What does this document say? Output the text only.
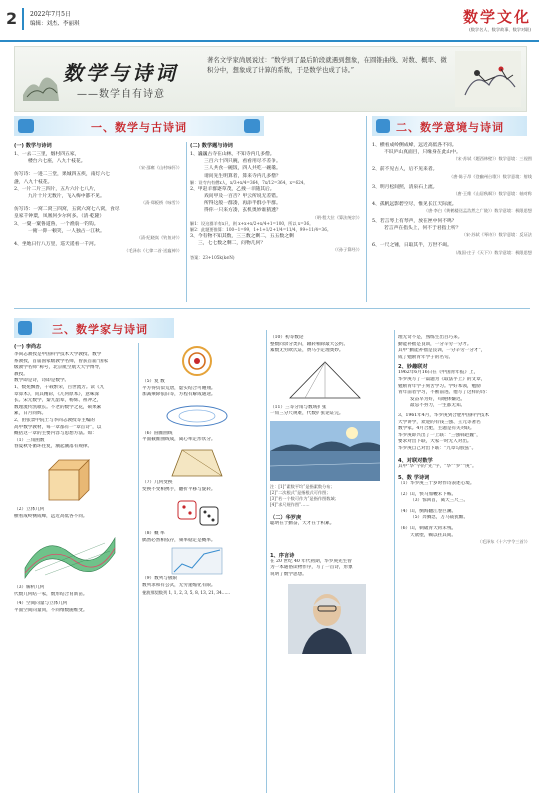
2 2022年7月5日
编辑：刘杰、李丽琪	数学文化
(数学名人、数学故事、数学对联)
数学与诗词
——数学自有诗意
著名文学家尚展说过：“数学到了最后阶段就遇到想象，在圆锥曲线、对数、概率、微积分中，想象成了计算的系数，于是数学也成了诗。”
一、数学与古诗词	二、数学意境与诗词
(一) 数学与诗词
1、一去二三里，烟村四五家，
楼台六七座，八九十枝花。
（宋·邵雍《山村咏怀》）
仿写诗：一进二三堂，果城四五疾，南灯六七
盏，八九十枝花。
2、一片二片三四片，五片六片七八片，
九片十片无数片，飞入梅中都不见。
（清·郑板桥《咏雪》）
仿写诗：一窝二窝三四窝，五窝六窝七八窝，食尽
皇家千钟粟，凤凰何少尔何多。（清·乾隆）
3、一窠一窠鲁道鲁，一个渔翁一钓钩。
一俯一仰一顿笑，一人独占一江秋。
（清·纪晓岚《钓鱼诗》）
4、坐地日行八万里，巡天遥看一千河。
（毛泽东《七律二首·送瘟神》）
(二) 数学题与诗词
1、巍巍古寺在山林，不知寺内几多僧。
三百六十四只碗，看看用尽不差争。
三人共食一碗饭，四人共吃一碗羹。
请问先生明算者，算来寺内几多僧？
解：设寺内有僧x人，x/3+x/4=364，7x/12=364，x=624。
2、甲赶羊群逐草茂，乙拽一羊随其后。
戏问甲及一百否？甲云所说无差错。
所得这般一群凑，再添半群小半群。
得你一只来方凑，玄机奥妙谁猜透？
（明·程大位《算法统宗》）
解1：设这群羊有x只，则 x+x+x/2+x/4+1=100，所以 x=36。
解2：此题要推算：100−1=99，1+1+1/2+1/4=11/4，99÷11/4=36。
3、今有物不知其数，三三数之剩二，五五数之剩
三，七七数之剩二，问物几何？
（《孙子算经》）
答案：23+105k(k∈N)
1、横看成岭侧成峰，远近高低各不同。
不识庐山真面目，只缘身在此山中。
（宋·苏轼《题西林壁》）数学意境：三视图
2、前不见古人，后不见来者。
（唐·陈子昂《登幽州台歌》）数学意境：射线
3、明月松间照，清泉石上流。
（唐·王维《山居秋暝》）数学意境：轴对称
4、孤帆远影碧空尽，惟见长江天际流。
（唐·李白《黄鹤楼送孟浩然之广陵》）数学意境：极限思想
5、若言琴上有琴声，放在匣中何不鸣？
若言声在指头上，何不于君指上听？
（宋·苏轼《琴诗》）数学意境：反证法
6、一尺之锤，日取其半，万世不竭。
（战国·庄子《天下》）数学意境：极限思想
三、数学家与诗词
(一) 李尚志
李尚志教授是中国科学技术大学教授、数学
系教授，首届国家级教学名师，曾获首届“国家
级教学名师”称号，北京航空航天大学博导，
教授。
数学即是诗，诗即是数学。
1、数苑飘香，千载繁荣，百世流芳。读《九
章算术》，问其精彩，《几何原本》，意味深
长。宋元数学，秦九韶辈，杨辉、祖冲之，
数理流传凯歌长。不老的数学之花，硕果累
累，日月同辉。
2、由张景中院士与李尚志教授等主编的
高中数学教材，每一章都有一“章首诗”，以
概括这一章的主要内容与思想方法。如：
（1）三角函数
春夏秋冬循环往复，潮起潮落有规律。
（2）立体几何
横看成岭侧成峰，远近高低各不同。
（3）解析几何
代数几何结一家，数形结合育新苗。
（4）空间向量与立体几何
平面空间向量同，不同维数随维变。
（5）复 数
平方得负似荒唐，虚实结合可翱翔。
加减乘除依旧等，方程有解成通途。
（6）圆锥曲线
平面截锥曲线成，离心率定形状分。
（7）几何变换
变换不变相携手，翻折平移与旋转。
（8）概 率
偶然必然相依存，频率稳定是概率。
（9）数列与极限
数列求和有公式，无穷递缩化有限。
斐波那契数列 1, 1, 2, 3, 5, 8, 13, 21, 34……
（10）初等数论
整数同余分类归，辗转相除最大公约。
素数无穷欧氏证，费马小定理奥妙。
（11）三等分角与数域扩张
一角三分尺规难，代数扩张论证完。
注：[1]“素数平均”是指素数分布；
[2]“二次根式”是指根式可作图；
[3]“若一个数可作为”是指作图数域；
[4]“求尺规作图”……
（二）华罗庚
聪明在于勤奋，天才在于积累。
1、序言诗
在 20 世纪 40 年代初期，华罗庚先生曾
为一本通俗读物作序，写了一首诗，形象
说明了数学思想。
理无奇不是，熟练生出百巧来。
勤能补拙是良训，一分辛劳一分才。
其中“勤能补拙是良训，一分辛劳一分才”，
成了勉励青年学子的名句。
2、妙趣联对
1962年6月16日在《中国青年报》上，
华罗庚写了一篇题为《取法乎上》的文章，
勉励青年学子刻苦学习。学好本领，勉励
青年前者学习，不断前进。他写了这样的诗：
发奋早为好，苟晚休嫌迟。
最忌不努力，一生都无知。
3、1961年4月，华罗庚到合肥中国科学技术
大学讲学，欢迎的有钱三强、王元等著名
数学家。4月合肥，主题是有关对联。
华罗庚即兴出了一上联：“三强韩赵魏”，
要求对出下联，大家一时无人对出。
华罗庚自己对出下联：“九章勾股弦”。
4、对联对数学
其中“华”字的“先”字，“华”“罗”“庚”。
5、数 学诗词
（1）华罗庚三十岁时作诗表述心境。
（2）山，快马加鞭未下鞍。
（3）惊回首，离天三尺三。
（4）山，倒海翻江卷巨澜。
（5）奔腾急，万马战犹酣。
（6）山，刺破青天锷未残。
天欲堕，赖以拄其间。
（毛泽东《十六字令三首》）
